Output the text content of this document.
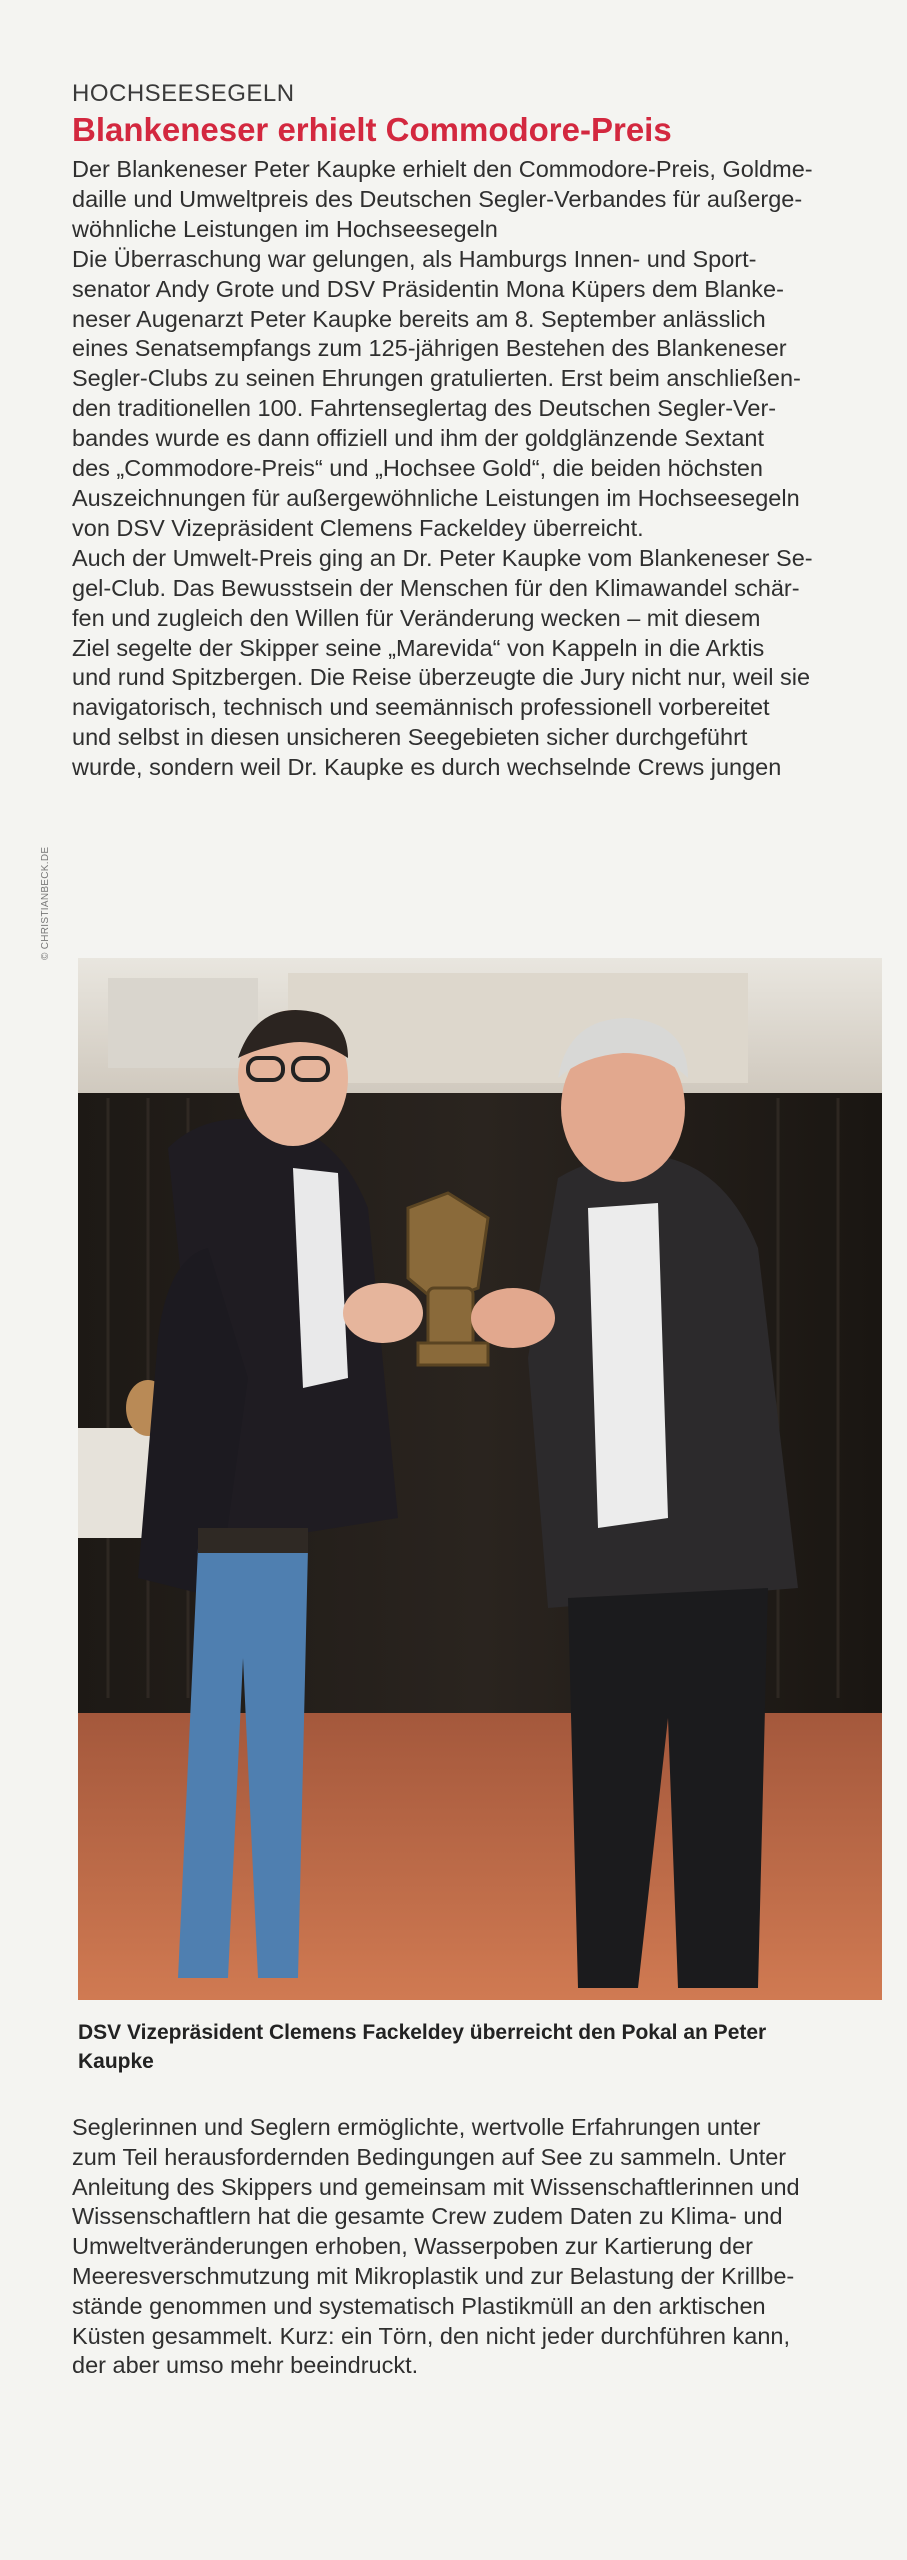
HOCHSEESEGELN
Blankeneser erhielt Commodore-Preis
Der Blankeneser Peter Kaupke erhielt den Commodore-Preis, Goldme-
daille und Umweltpreis des Deutschen Segler-Verbandes für außerge-
wöhnliche Leistungen im Hochseesegeln
Die Überraschung war gelungen, als Hamburgs Innen- und Sport-
senator Andy Grote und DSV Präsidentin Mona Küpers dem Blanke-
neser Augenarzt Peter Kaupke bereits am 8. September anlässlich
eines Senatsempfangs zum 125-jährigen Bestehen des Blankeneser
Segler-Clubs zu seinen Ehrungen gratulierten. Erst beim anschließen-
den traditionellen 100. Fahrtenseglertag des Deutschen Segler-Ver-
bandes wurde es dann offiziell und ihm der goldglänzende Sextant
des „Commodore-Preis“ und „Hochsee Gold“, die beiden höchsten
Auszeichnungen für außergewöhnliche Leistungen im Hochseesegeln
von DSV Vizepräsident Clemens Fackeldey überreicht.
Auch der Umwelt-Preis ging an Dr. Peter Kaupke vom Blankeneser Se-
gel-Club. Das Bewusstsein der Menschen für den Klimawandel schär-
fen und zugleich den Willen für Veränderung wecken – mit diesem
Ziel segelte der Skipper seine „Marevida“ von Kappeln in die Arktis
und rund Spitzbergen. Die Reise überzeugte die Jury nicht nur, weil sie
navigatorisch, technisch und seemännisch professionell vorbereitet
und selbst in diesen unsicheren Seegebieten sicher durchgeführt
wurde, sondern weil Dr. Kaupke es durch wechselnde Crews jungen
© CHRISTIANBECK.DE
DSV Vizepräsident Clemens Fackeldey überreicht den Pokal an Peter
Kaupke
Seglerinnen und Seglern ermöglichte, wertvolle Erfahrungen unter
zum Teil herausfordernden Bedingungen auf See zu sammeln. Unter
Anleitung des Skippers und gemeinsam mit Wissenschaftlerinnen und
Wissenschaftlern hat die gesamte Crew zudem Daten zu Klima- und
Umweltveränderungen erhoben, Wasserpoben zur Kartierung der
Meeresverschmutzung mit Mikroplastik und zur Belastung der Krillbe-
stände genommen und systematisch Plastikmüll an den arktischen
Küsten gesammelt. Kurz: ein Törn, den nicht jeder durchführen kann,
der aber umso mehr beeindruckt.
